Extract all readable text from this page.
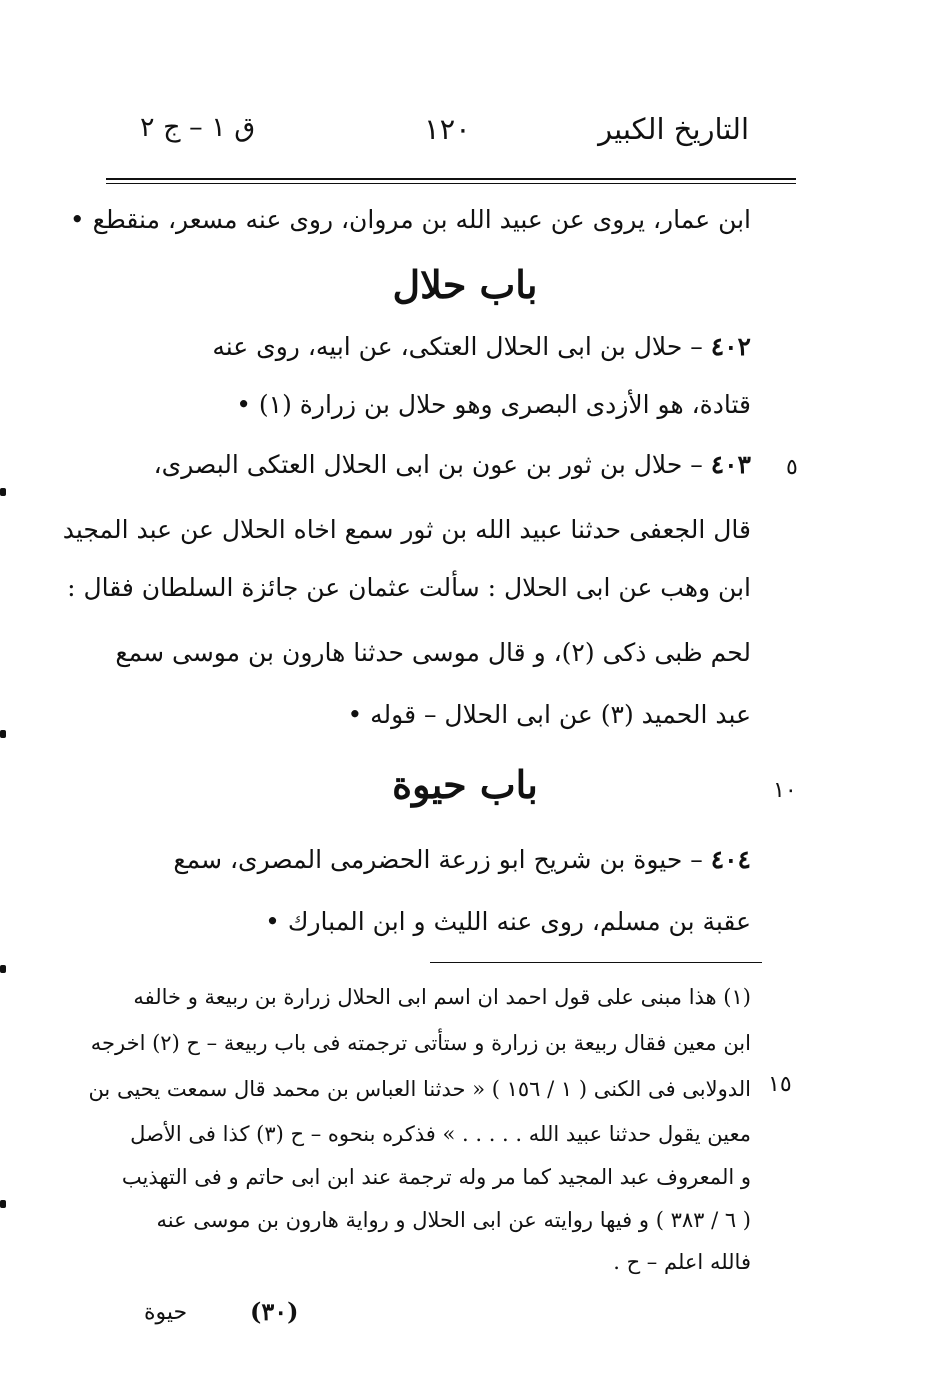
التاريخ الكبير
١٢٠
ق ١ – ج ٢
ابن عمار، يروى عن عبيد الله بن مروان، روى عنه مسعر، منقطع •
باب حلال
٤٠٢ – حلال بن ابى الحلال العتكى، عن ابيه، روى عنه
قتادة، هو الأزدى البصرى وهو حلال بن زرارة (١) •
٤٠٣ – حلال بن ثور بن عون بن ابى الحلال العتكى البصرى،
قال الجعفى حدثنا عبيد الله بن ثور سمع اخاه الحلال عن عبد المجيد
ابن وهب عن ابى الحلال : سألت عثمان عن جائزة السلطان فقال :
لحم ظبى ذكى (٢)، و قال موسى حدثنا هارون بن موسى سمع
عبد الحميد (٣) عن ابى الحلال – قوله •
باب حيوة
٤٠٤ – حيوة بن شريح ابو زرعة الحضرمى المصرى، سمع
عقبة بن مسلم، روى عنه الليث و ابن المبارك •
٥
١٠
١٥
(١) هذا مبنى على قول احمد ان اسم ابى الحلال زرارة بن ربيعة و خالفه
ابن معين فقال ربيعة بن زرارة و ستأتى ترجمته فى باب ربيعة – ح (٢) اخرجه
الدولابى فى الكنى ( ١ / ١٥٦ ) « حدثنا العباس بن محمد قال سمعت يحيى بن
معين يقول حدثنا عبيد الله . . . . . » فذكره بنحوه – ح (٣) كذا فى الأصل
و المعروف عبد المجيد كما مر وله ترجمة عند ابن ابى حاتم و فى التهذيب
( ٦ / ٣٨٣ ) و فيها روايته عن ابى الحلال و رواية هارون بن موسى عنه
فالله اعلم – ح .
(٣٠)
حيوة
